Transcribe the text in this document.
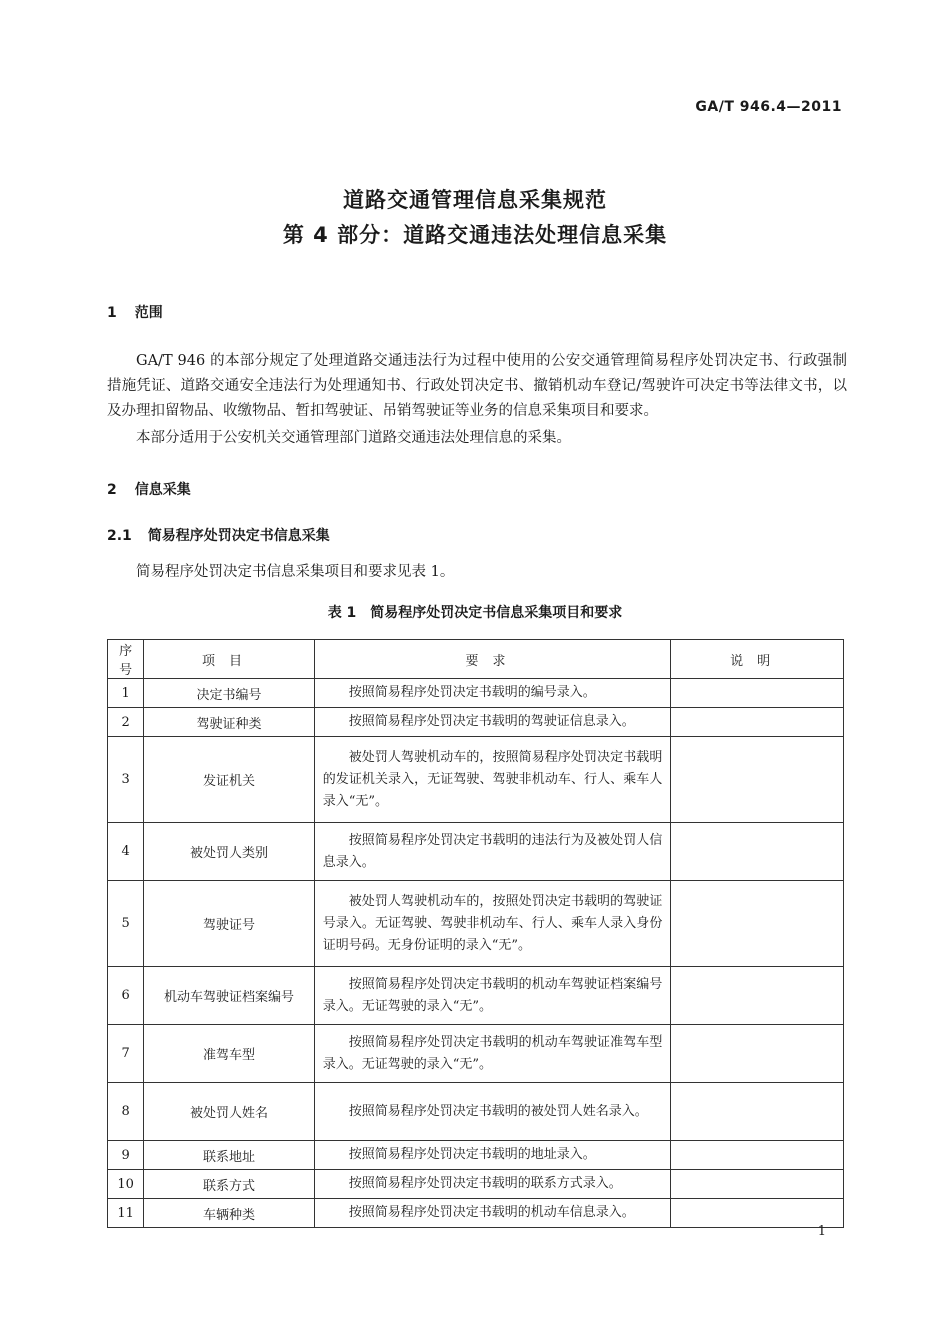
GA/T 946.4—2011
道路交通管理信息采集规范
第 4 部分：道路交通违法处理信息采集
1 范围
GA/T 946 的本部分规定了处理道路交通违法行为过程中使用的公安交通管理简易程序处罚决定书、行政强制措施凭证、道路交通安全违法行为处理通知书、行政处罚决定书、撤销机动车登记/驾驶许可决定书等法律文书，以及办理扣留物品、收缴物品、暂扣驾驶证、吊销驾驶证等业务的信息采集项目和要求。
本部分适用于公安机关交通管理部门道路交通违法处理信息的采集。
2 信息采集
2.1 简易程序处罚决定书信息采集
简易程序处罚决定书信息采集项目和要求见表 1。
表 1　简易程序处罚决定书信息采集项目和要求
序号	项目	要求	说明
1	决定书编号	按照简易程序处罚决定书载明的编号录入。	
2	驾驶证种类	按照简易程序处罚决定书载明的驾驶证信息录入。	
3	发证机关	被处罚人驾驶机动车的，按照简易程序处罚决定书载明的发证机关录入，无证驾驶、驾驶非机动车、行人、乘车人录入“无”。	
4	被处罚人类别	按照简易程序处罚决定书载明的违法行为及被处罚人信息录入。	
5	驾驶证号	被处罚人驾驶机动车的，按照处罚决定书载明的驾驶证号录入。无证驾驶、驾驶非机动车、行人、乘车人录入身份证明号码。无身份证明的录入“无”。	
6	机动车驾驶证档案编号	按照简易程序处罚决定书载明的机动车驾驶证档案编号录入。无证驾驶的录入“无”。	
7	准驾车型	按照简易程序处罚决定书载明的机动车驾驶证准驾车型录入。无证驾驶的录入“无”。	
8	被处罚人姓名	按照简易程序处罚决定书载明的被处罚人姓名录入。	
9	联系地址	按照简易程序处罚决定书载明的地址录入。	
10	联系方式	按照简易程序处罚决定书载明的联系方式录入。	
11	车辆种类	按照简易程序处罚决定书载明的机动车信息录入。	
1
